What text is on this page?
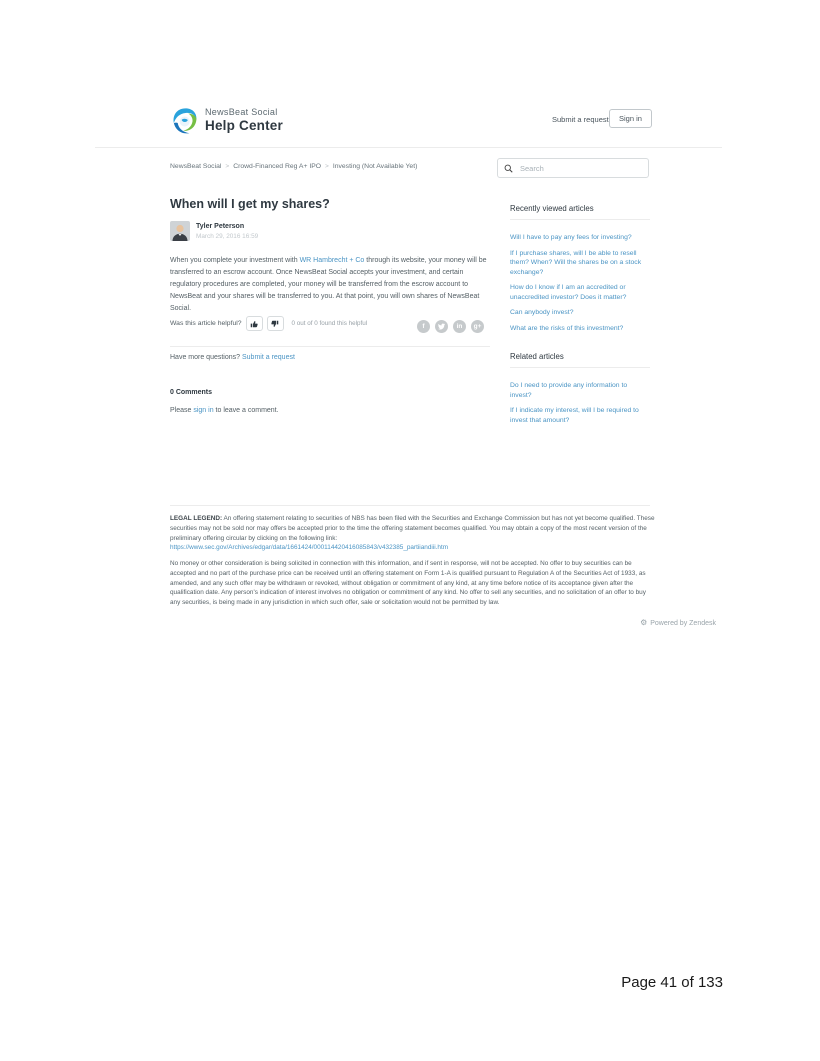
NewsBeat Social
Help Center	Submit a request	Sign in
NewsBeat Social > Crowd-Financed Reg A+ IPO > Investing (Not Available Yet)
Search
When will I get my shares?
Tyler Peterson
March 29, 2016 16:59

When you complete your investment with WR Hambrecht + Co through its website, your money will be transferred to an escrow account. Once NewsBeat Social accepts your investment, and certain regulatory procedures are completed, your money will be transferred from the escrow account to NewsBeat and your shares will be transferred to you. At that point, you will own shares of NewsBeat Social.

Was this article helpful?	0 out of 0 found this helpful	f	in	g+
Have more questions? Submit a request
0 Comments
Please sign in to leave a comment.
Recently viewed articles
Will I have to pay any fees for investing?
If I purchase shares, will I be able to resell them? When? Will the shares be on a stock exchange?
How do I know if I am an accredited or unaccredited investor? Does it matter?
Can anybody invest?
What are the risks of this investment?
Related articles
Do I need to provide any information to invest?
If I indicate my interest, will I be required to invest that amount?

LEGAL LEGEND: An offering statement relating to securities of NBS has been filed with the Securities and Exchange Commission but has not yet become qualified. These securities may not be sold nor may offers be accepted prior to the time the offering statement becomes qualified. You may obtain a copy of the most recent version of the preliminary offering circular by clicking on the following link:
https://www.sec.gov/Archives/edgar/data/1661424/000114420416085843/v432385_partiiandiii.htm

No money or other consideration is being solicited in connection with this information, and if sent in response, will not be accepted. No offer to buy securities can be accepted and no part of the purchase price can be received until an offering statement on Form 1-A is qualified pursuant to Regulation A of the Securities Act of 1933, as amended, and any such offer may be withdrawn or revoked, without obligation or commitment of any kind, at any time before notice of its acceptance given after the qualification date. Any person's indication of interest involves no obligation or commitment of any kind. No offer to sell any securities, and no solicitation of an offer to buy any securities, is being made in any jurisdiction in which such offer, sale or solicitation would not be permitted by law.

⚙ Powered by Zendesk
Page 41 of 133
